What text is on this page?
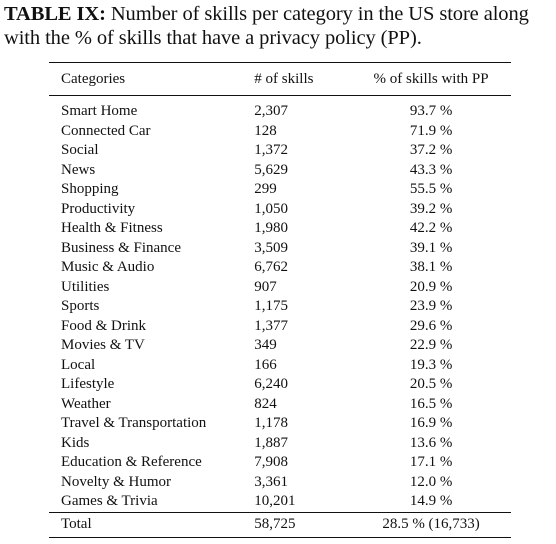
TABLE IX: Number of skills per category in the US store along with the % of skills that have a privacy policy (PP).
Categories	# of skills	% of skills with PP
Smart Home	2,307	93.7 %
Connected Car	128	71.9 %
Social	1,372	37.2 %
News	5,629	43.3 %
Shopping	299	55.5 %
Productivity	1,050	39.2 %
Health & Fitness	1,980	42.2 %
Business & Finance	3,509	39.1 %
Music & Audio	6,762	38.1 %
Utilities	907	20.9 %
Sports	1,175	23.9 %
Food & Drink	1,377	29.6 %
Movies & TV	349	22.9 %
Local	166	19.3 %
Lifestyle	6,240	20.5 %
Weather	824	16.5 %
Travel & Transportation	1,178	16.9 %
Kids	1,887	13.6 %
Education & Reference	7,908	17.1 %
Novelty & Humor	3,361	12.0 %
Games & Trivia	10,201	14.9 %
Total	58,725	28.5 % (16,733)
